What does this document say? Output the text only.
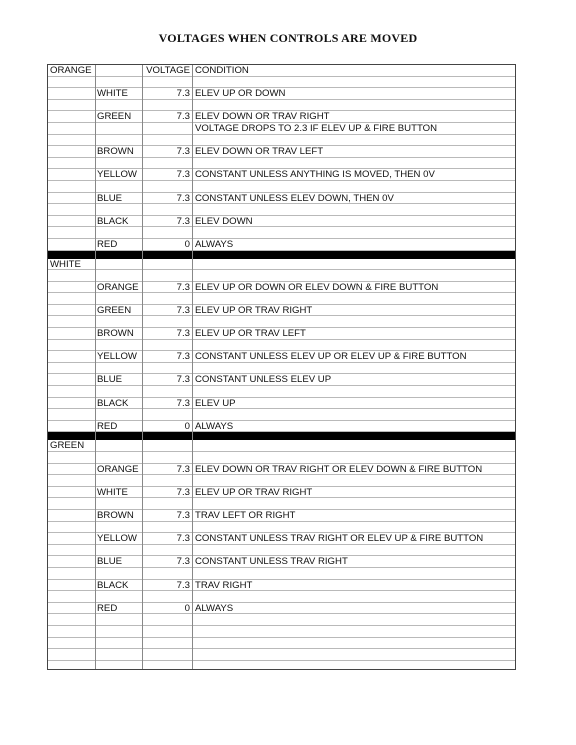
VOLTAGES WHEN CONTROLS ARE MOVED
ORANGE	VOLTAGE CONDITION
WHITE	7.3 ELEV UP OR DOWN
GREEN	7.3 ELEV DOWN OR TRAV RIGHT
VOLTAGE DROPS TO 2.3 IF ELEV UP & FIRE BUTTON
BROWN	7.3 ELEV DOWN OR TRAV LEFT
YELLOW	7.3 CONSTANT UNLESS ANYTHING IS MOVED, THEN 0V
BLUE	7.3 CONSTANT UNLESS ELEV DOWN, THEN 0V
BLACK	7.3 ELEV DOWN
RED	0 ALWAYS
WHITE
ORANGE	7.3 ELEV UP OR DOWN OR ELEV DOWN & FIRE BUTTON
GREEN	7.3 ELEV UP OR TRAV RIGHT
BROWN	7.3 ELEV UP OR TRAV LEFT
YELLOW	7.3 CONSTANT UNLESS ELEV UP OR ELEV UP & FIRE BUTTON
BLUE	7.3 CONSTANT UNLESS ELEV UP
BLACK	7.3 ELEV UP
RED	0 ALWAYS
GREEN
ORANGE	7.3 ELEV DOWN OR TRAV RIGHT OR ELEV DOWN & FIRE BUTTON
WHITE	7.3 ELEV UP OR TRAV RIGHT
BROWN	7.3 TRAV LEFT OR RIGHT
YELLOW	7.3 CONSTANT UNLESS TRAV RIGHT OR ELEV UP & FIRE BUTTON
BLUE	7.3 CONSTANT UNLESS TRAV RIGHT
BLACK	7.3 TRAV RIGHT
RED	0 ALWAYS
